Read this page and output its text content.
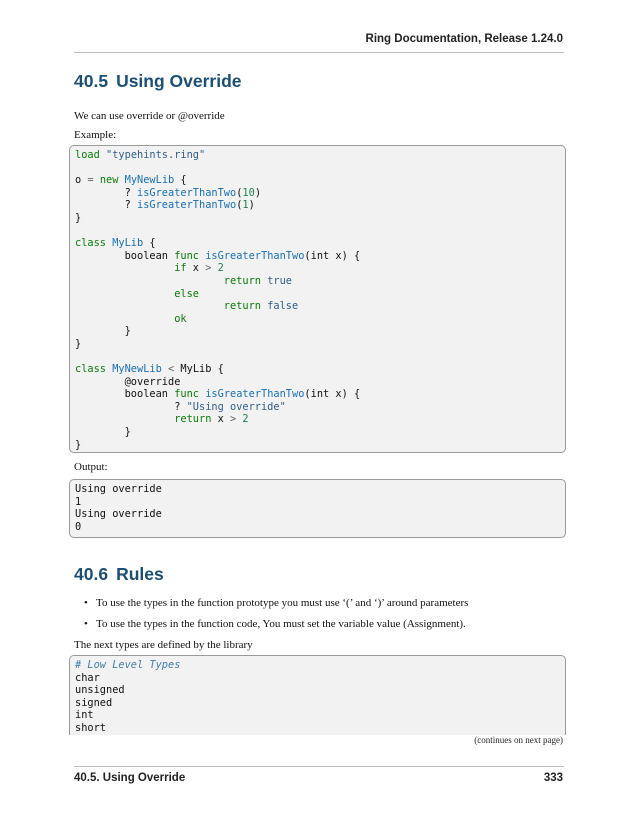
Ring Documentation, Release 1.24.0
40.5 Using Override

We can use override or @override

Example:

load "typehints.ring"

o = new MyNewLib {
? isGreaterThanTwo(10)
? isGreaterThanTwo(1)
}

class MyLib {
boolean func isGreaterThanTwo(int x) {
if x > 2
return true
else
return false
ok
}
}

class MyNewLib < MyLib {
@override
boolean func isGreaterThanTwo(int x) {
? "Using override"
return x > 2
}
}

Output:

Using override
1
Using override
0
40.6 Rules
• To use the types in the function prototype you must use ‘(’ and ‘)’ around parameters
• To use the types in the function code, You must set the variable value (Assignment).

The next types are defined by the library

# Low Level Types
char
unsigned
signed
int
short
(continues on next page)
40.5. Using Override	333
